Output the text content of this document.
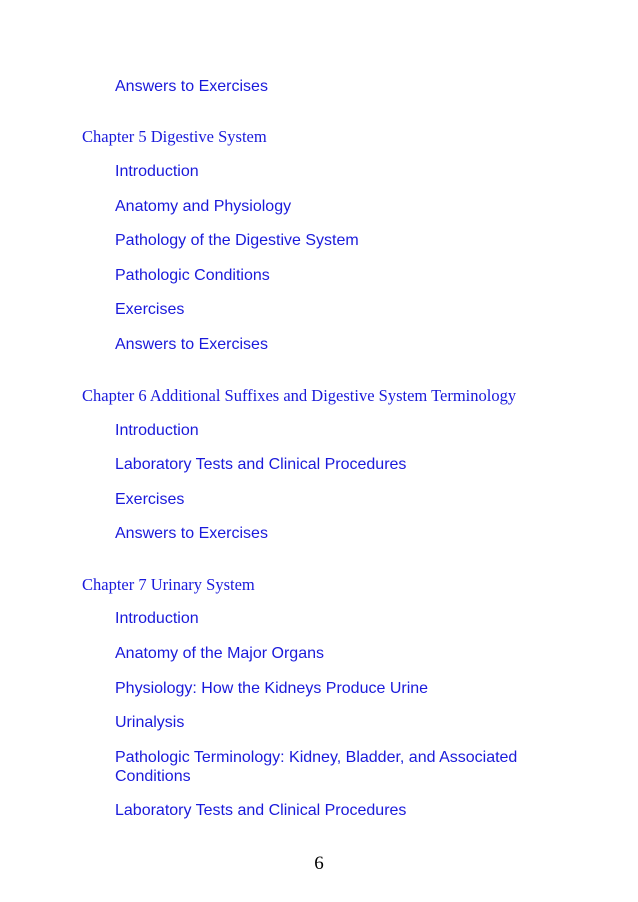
Answers to Exercises
Chapter 5 Digestive System
Introduction
Anatomy and Physiology
Pathology of the Digestive System
Pathologic Conditions
Exercises
Answers to Exercises
Chapter 6 Additional Suffixes and Digestive System Terminology
Introduction
Laboratory Tests and Clinical Procedures
Exercises
Answers to Exercises
Chapter 7 Urinary System
Introduction
Anatomy of the Major Organs
Physiology: How the Kidneys Produce Urine
Urinalysis
Pathologic Terminology: Kidney, Bladder, and Associated Conditions
Laboratory Tests and Clinical Procedures
6
